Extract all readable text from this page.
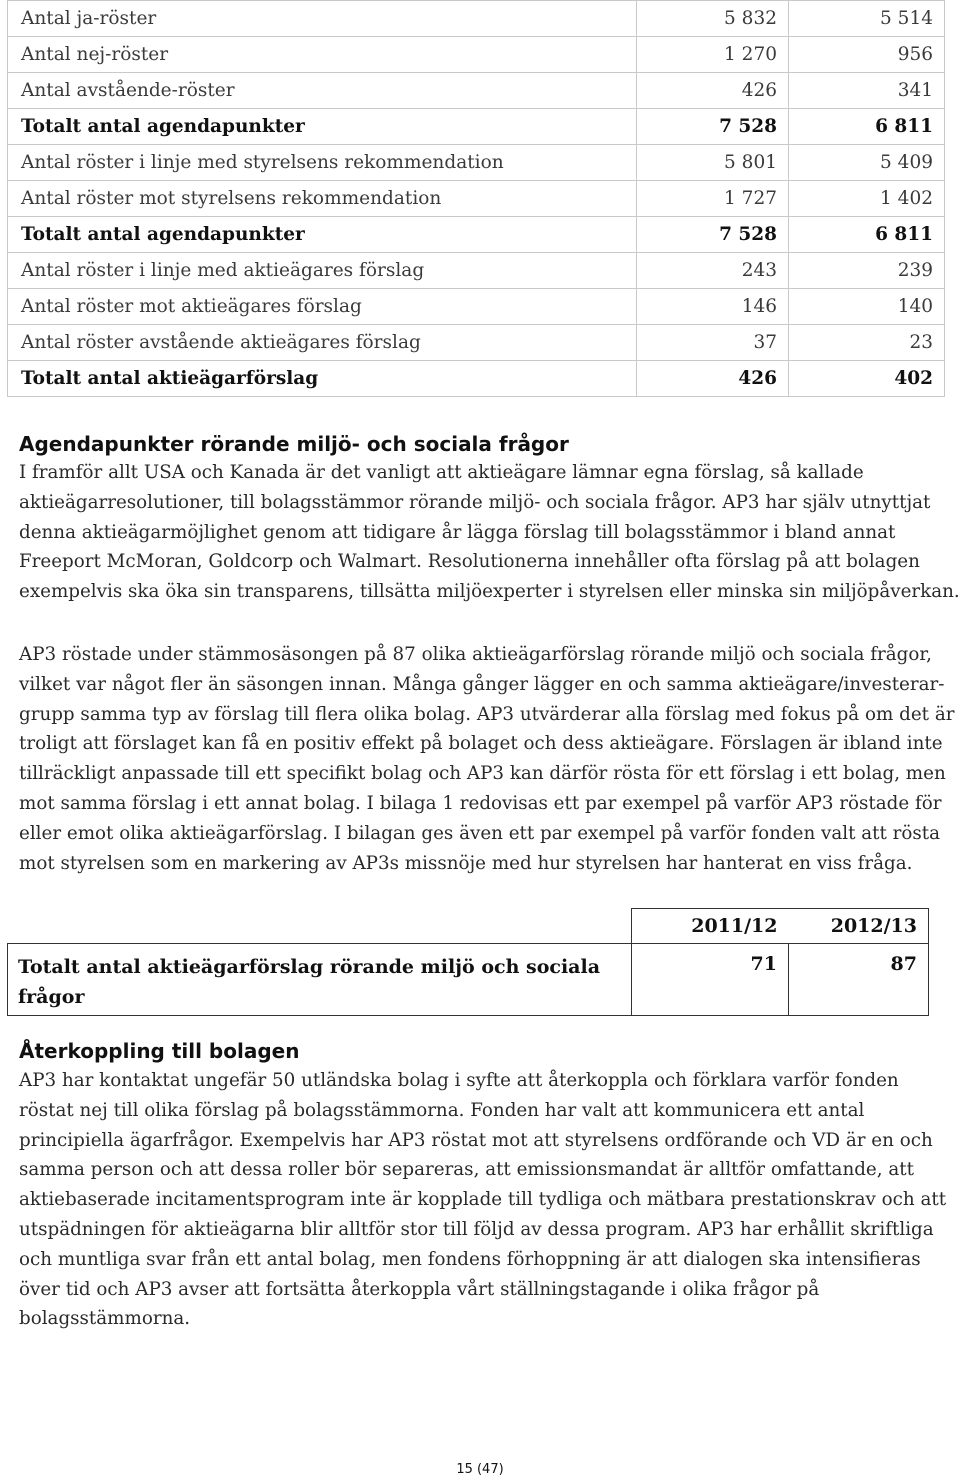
Antal ja-röster	5 832	5 514
Antal nej-röster	1 270	956
Antal avstående-röster	426	341
Totalt antal agendapunkter	7 528	6 811
Antal röster i linje med styrelsens rekommendation	5 801	5 409
Antal röster mot styrelsens rekommendation	1 727	1 402
Totalt antal agendapunkter	7 528	6 811
Antal röster i linje med aktieägares förslag	243	239
Antal röster mot aktieägares förslag	146	140
Antal röster avstående aktieägares förslag	37	23
Totalt antal aktieägarförslag	426	402
Agendapunkter rörande miljö- och sociala frågor

I framför allt USA och Kanada är det vanligt att aktieägare lämnar egna förslag, så kallade
aktieägarresolutioner, till bolagsstämmor rörande miljö- och sociala frågor. AP3 har själv utnyttjat
denna aktieägarmöjlighet genom att tidigare år lägga förslag till bolagsstämmor i bland annat
Freeport McMoran, Goldcorp och Walmart. Resolutionerna innehåller ofta förslag på att bolagen
exempelvis ska öka sin transparens, tillsätta miljöexperter i styrelsen eller minska sin miljöpåverkan.

AP3 röstade under stämmosäsongen på 87 olika aktieägarförslag rörande miljö och sociala frågor,
vilket var något fler än säsongen innan. Många gånger lägger en och samma aktieägare/investerar-
grupp samma typ av förslag till flera olika bolag. AP3 utvärderar alla förslag med fokus på om det är
troligt att förslaget kan få en positiv effekt på bolaget och dess aktieägare. Förslagen är ibland inte
tillräckligt anpassade till ett specifikt bolag och AP3 kan därför rösta för ett förslag i ett bolag, men
mot samma förslag i ett annat bolag. I bilaga 1 redovisas ett par exempel på varför AP3 röstade för
eller emot olika aktieägarförslag. I bilagan ges även ett par exempel på varför fonden valt att rösta
mot styrelsen som en markering av AP3s missnöje med hur styrelsen har hanterat en viss fråga.

	2011/12	2012/13
Totalt antal aktieägarförslag rörande miljö och sociala
frågor	71	87
Återkoppling till bolagen

AP3 har kontaktat ungefär 50 utländska bolag i syfte att återkoppla och förklara varför fonden
röstat nej till olika förslag på bolagsstämmorna. Fonden har valt att kommunicera ett antal
principiella ägarfrågor. Exempelvis har AP3 röstat mot att styrelsens ordförande och VD är en och
samma person och att dessa roller bör separeras, att emissionsmandat är alltför omfattande, att
aktiebaserade incitamentsprogram inte är kopplade till tydliga och mätbara prestationskrav och att
utspädningen för aktieägarna blir alltför stor till följd av dessa program. AP3 har erhållit skriftliga
och muntliga svar från ett antal bolag, men fondens förhoppning är att dialogen ska intensifieras
över tid och AP3 avser att fortsätta återkoppla vårt ställningstagande i olika frågor på
bolagsstämmorna.

15 (47)
